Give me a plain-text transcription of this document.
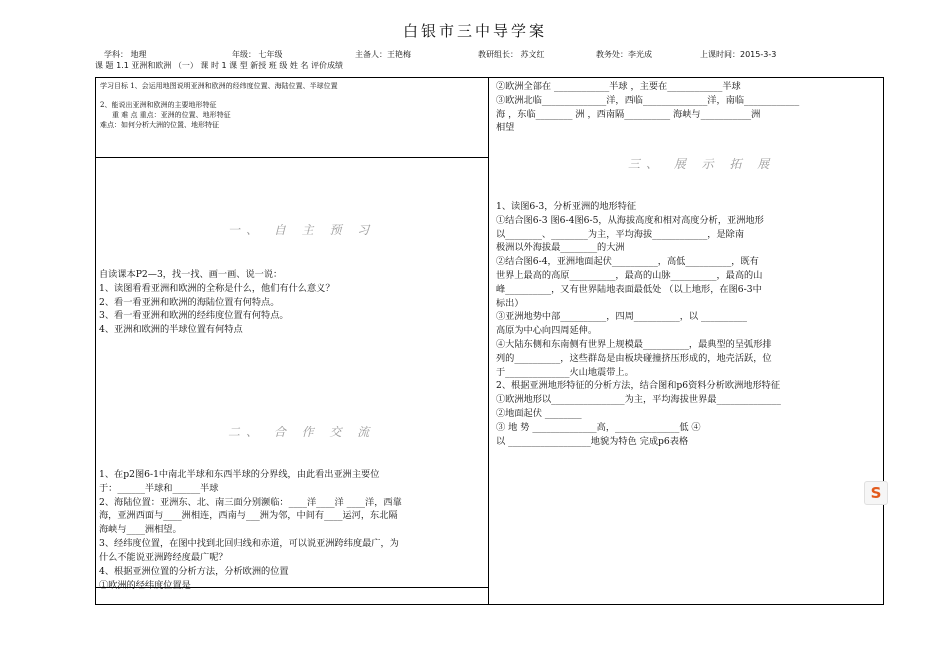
白银市三中导学案
学科： 地理	年级： 七年级	主备人：王艳梅	教研组长： 苏文红	教务处：李光成	上课时间：2015-3-3
课 题 1.1 亚洲和欧洲 （一） 课 时 1 课 型 新授 班 级 姓 名 评价成绩
学习目标 1、会运用地图说明亚洲和欧洲的经纬度位置、海陆位置、半球位置
2、能说出亚洲和欧洲的主要地形特征
重 难 点 重点：亚洲的位置、地形特征
难点：如何分析大洲的位置、地形特征
一、 自 主 预 习
自读课本P2—3，找一找、画一画、说一说：
1、读图看看亚洲和欧洲的全称是什么，他们有什么意义？
2、看一看亚洲和欧洲的海陆位置有何特点。
3、看一看亚洲和欧洲的经纬度位置有何特点。
4、亚洲和欧洲的半球位置有何特点
二、 合 作 交 流
1、在p2图6-1中南北半球和东西半球的分界线，由此看出亚洲主要位
于：______半球和______半球
2、海陆位置：亚洲东、北、南三面分别濒临：____洋____洋 ____洋，西靠
海，亚洲西面与____洲相连，西南与___洲为邻，中间有____运河，东北隔
海峡与____洲相望。
3、经纬度位置，在图中找到北回归线和赤道，可以说亚洲跨纬度最广，为
什么不能说亚洲跨经度最广呢？
4、根据亚洲位置的分析方法，分析欧洲的位置
①欧洲的经纬度位置是
②欧洲全部在 ____________半球 ，主要在____________半球
③欧洲北临______________洋，西临______________洋，南临____________
海 ，东临________ 洲 ，西南隔__________ 海峡与___________洲
相望
三、 展 示 拓 展
1、读图6-3，分析亚洲的地形特征
①结合图6-3 图6-4图6-5，从海拔高度和相对高度分析，亚洲地形
以________、________为主，平均海拔____________，是除南
极洲以外海拔最________的大洲
②结合图6-4，亚洲地面起伏__________，高低__________，既有
世界上最高的高原__________，最高的山脉__________，最高的山
峰__________，又有世界陆地表面最低处 （以上地形，在图6-3中
标出）
③亚洲地势中部__________，四周__________，以 __________
高原为中心向四周延伸。
④大陆东侧和东南侧有世界上规模最__________，最典型的呈弧形排
列的__________，这些群岛是由板块碰撞挤压形成的，地壳活跃，位
于______________火山地震带上。
2、根据亚洲地形特征的分析方法，结合图和p6资料分析欧洲地形特征
①欧洲地形以________________为主，平均海拔世界最______________
②地面起伏 ________
③ 地 势 ______________高，______________低 ④
以 __________________地貌为特色 完成p6表格
S
